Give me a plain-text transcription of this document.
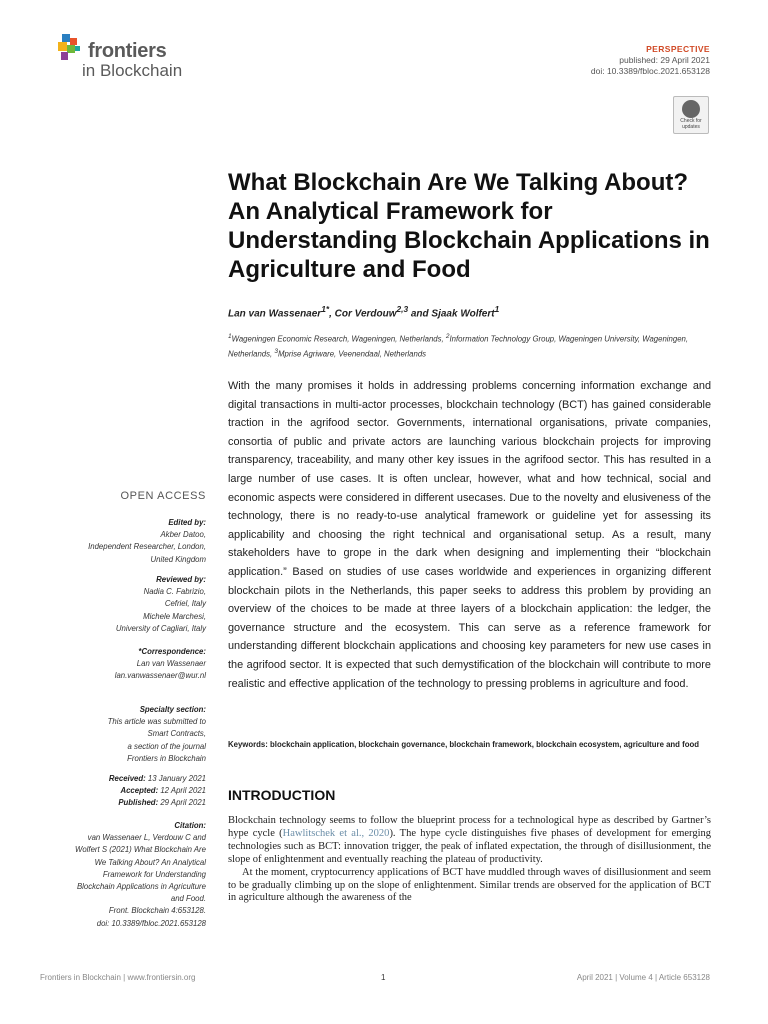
frontiers
in Blockchain
PERSPECTIVE
published: 29 April 2021
doi: 10.3389/fbloc.2021.653128
Check for
updates
What Blockchain Are We Talking About? An Analytical Framework for Understanding Blockchain Applications in Agriculture and Food
Lan van Wassenaer$^{1*}$, Cor Verdouw$^{2,3}$ and Sjaak Wolfert$^1$
$^1$Wageningen Economic Research, Wageningen, Netherlands, $^2$Information Technology Group, Wageningen University, Wageningen, Netherlands, $^3$Mprise Agriware, Veenendaal, Netherlands
With the many promises it holds in addressing problems concerning information exchange and digital transactions in multi-actor processes, blockchain technology (BCT) has gained considerable traction in the agrifood sector. Governments, international organisations, private companies, consortia of public and private actors are launching various blockchain projects for improving transparency, traceability, and many other key issues in the agrifood sector. This has resulted in a large number of use cases. It is often unclear, however, what and how technical, social and economic aspects were considered in different usecases. Due to the novelty and elusiveness of the technology, there is no ready-to-use analytical framework or guideline yet for assessing its applicability and choosing the right technical and organisational setup. As a result, many stakeholders have to grope in the dark when designing and implementing their “blockchain application.” Based on studies of use cases worldwide and experiences in organizing different blockchain pilots in the Netherlands, this paper seeks to address this problem by providing an overview of the choices to be made at three layers of a blockchain application: the ledger, the governance structure and the ecosystem. This can serve as a reference framework for understanding different blockchain applications and choosing key parameters for new use cases in the agrifood sector. It is expected that such demystification of the blockchain will contribute to more realistic and effective application of the technology to pressing problems in agriculture and food.
Keywords: blockchain application, blockchain governance, blockchain framework, blockchain ecosystem, agriculture and food
INTRODUCTION

Blockchain technology seems to follow the blueprint process for a technological hype as described by Gartner’s hype cycle (Hawlitschek et al., 2020). The hype cycle distinguishes five phases of development for emerging technologies such as BCT: innovation trigger, the peak of inflated expectation, the through of disillusionment, the slope of enlightenment and eventually reaching the plateau of productivity.

At the moment, cryptocurrency applications of BCT have muddled through waves of disillusionment and seem to be gradually climbing up on the slope of enlightenment. Similar trends are observed for the application of BCT in agriculture although the awareness of the

OPEN ACCESS
Edited by:
Akber Datoo,
Independent Researcher, London,
United Kingdom
Reviewed by:
Nadia C. Fabrizio,
Cefriel, Italy
Michele Marchesi,
University of Cagliari, Italy
*Correspondence:
Lan van Wassenaer
lan.vanwassenaer@wur.nl
Specialty section:
This article was submitted to
Smart Contracts,
a section of the journal
Frontiers in Blockchain
Received: 13 January 2021
Accepted: 12 April 2021
Published: 29 April 2021
Citation:
van Wassenaer L, Verdouw C and
Wolfert S (2021) What Blockchain Are
We Talking About? An Analytical
Framework for Understanding
Blockchain Applications in Agriculture
and Food.
Front. Blockchain 4:653128.
doi: 10.3389/fbloc.2021.653128
Frontiers in Blockchain | www.frontiersin.org	1	April 2021 | Volume 4 | Article 653128
